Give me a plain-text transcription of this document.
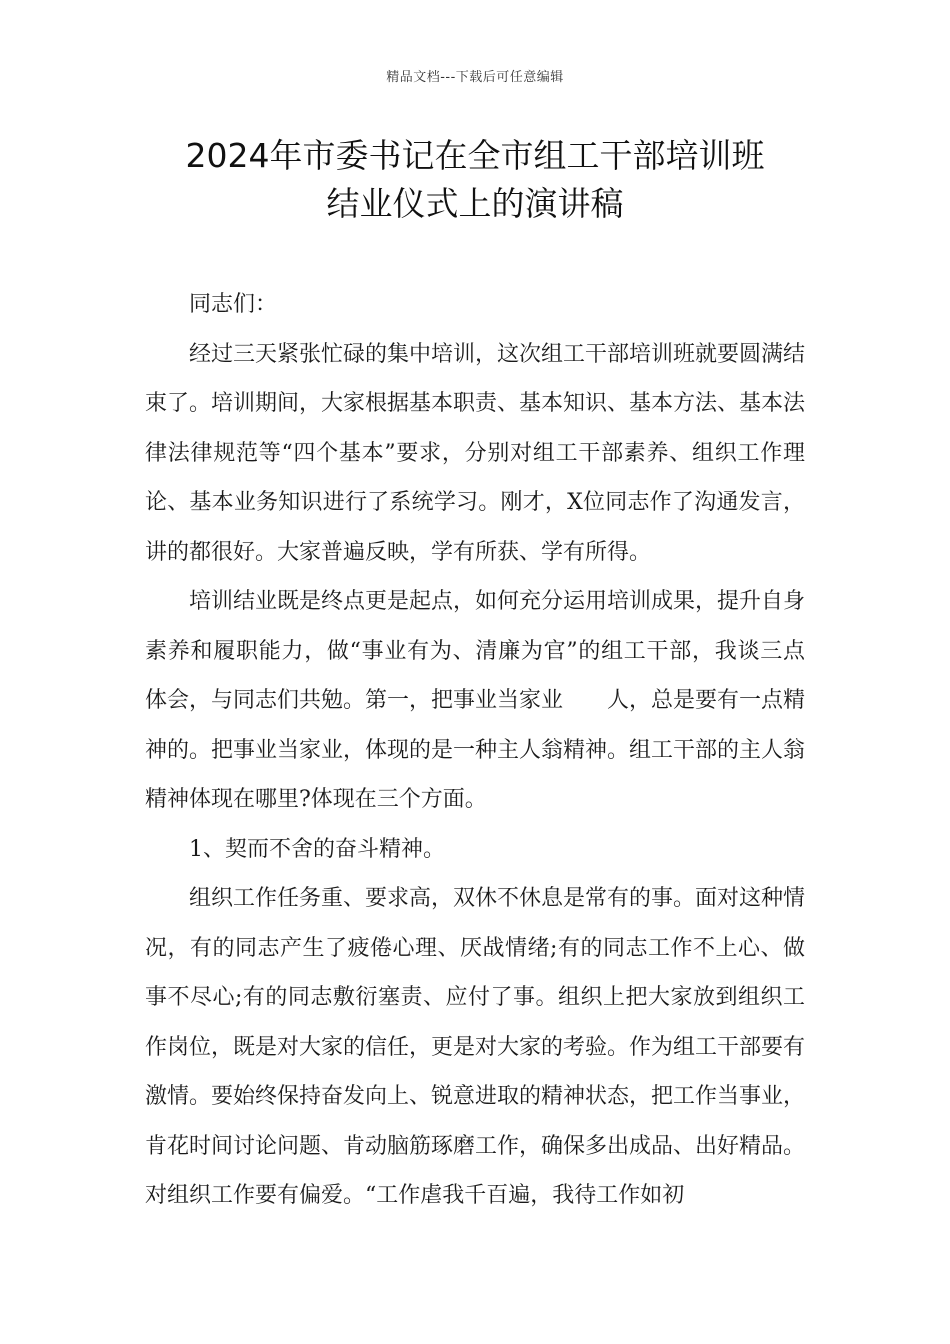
精品文档---下载后可任意编辑
2024年市委书记在全市组工干部培训班
结业仪式上的演讲稿

同志们：

经过三天紧张忙碌的集中培训，这次组工干部培训班就要圆满结束了。培训期间，大家根据基本职责、基本知识、基本方法、基本法律法律规范等“四个基本”要求，分别对组工干部素养、组织工作理论、基本业务知识进行了系统学习。刚才，X位同志作了沟通发言，讲的都很好。大家普遍反映，学有所获、学有所得。

培训结业既是终点更是起点，如何充分运用培训成果，提升自身素养和履职能力，做“事业有为、清廉为官”的组工干部，我谈三点体会，与同志们共勉。第一，把事业当家业　　人，总是要有一点精神的。把事业当家业，体现的是一种主人翁精神。组工干部的主人翁精神体现在哪里?体现在三个方面。

1、契而不舍的奋斗精神。

组织工作任务重、要求高，双休不休息是常有的事。面对这种情况，有的同志产生了疲倦心理、厌战情绪;有的同志工作不上心、做事不尽心;有的同志敷衍塞责、应付了事。组织上把大家放到组织工作岗位，既是对大家的信任，更是对大家的考验。作为组工干部要有激情。要始终保持奋发向上、锐意进取的精神状态，把工作当事业，肯花时间讨论问题、肯动脑筋琢磨工作，确保多出成品、出好精品。对组织工作要有偏爱。“工作虐我千百遍，我待工作如初
